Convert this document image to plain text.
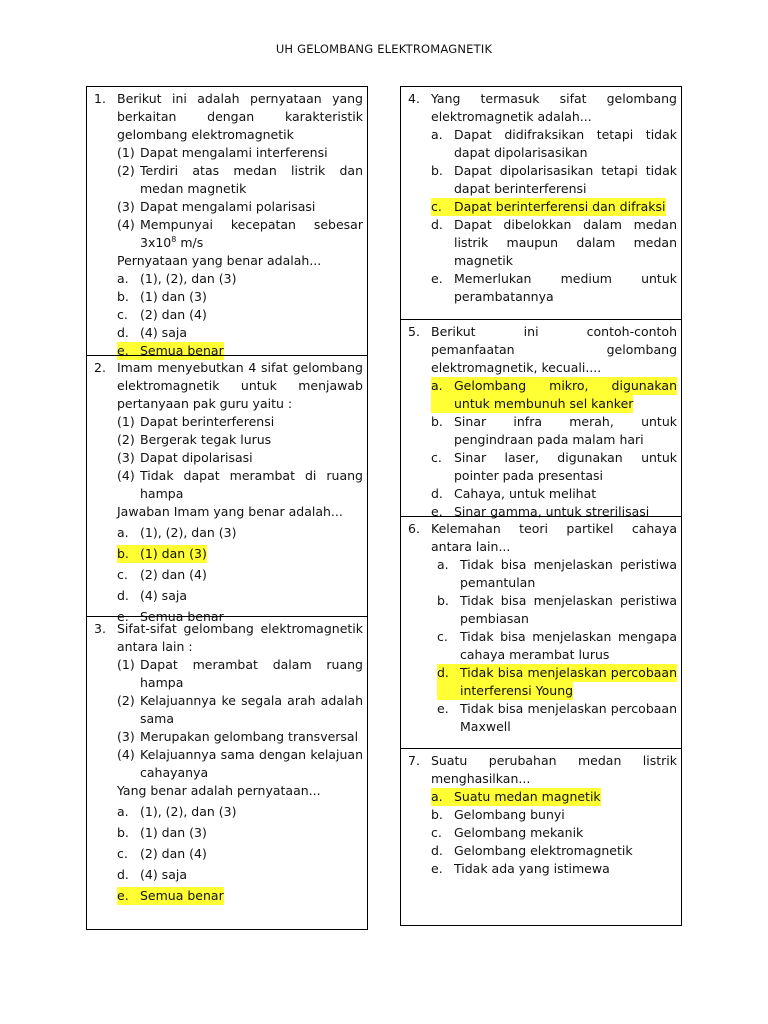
UH GELOMBANG ELEKTROMAGNETIK
1. Berikut ini adalah pernyataan yang
berkaitan dengan karakteristik
gelombang elektromagnetik
(1) Dapat mengalami interferensi
(2) Terdiri atas medan listrik dan
medan magnetik
(3) Dapat mengalami polarisasi
(4) Mempunyai kecepatan sebesar
$3x10^8$ m/s
Pernyataan yang benar adalah...
a. (1), (2), dan (3)
b. (1) dan (3)
c. (2) dan (4)
d. (4) saja
e. Semua benar
2. Imam menyebutkan 4 sifat gelombang
elektromagnetik untuk menjawab
pertanyaan pak guru yaitu :
(1) Dapat berinterferensi
(2) Bergerak tegak lurus
(3) Dapat dipolarisasi
(4) Tidak dapat merambat di ruang
hampa
Jawaban Imam yang benar adalah...
a. (1), (2), dan (3)
b. (1) dan (3)
c. (2) dan (4)
d. (4) saja
e. Semua benar
3. Sifat-sifat gelombang elektromagnetik
antara lain :
(1) Dapat merambat dalam ruang
hampa
(2) Kelajuannya ke segala arah adalah
sama
(3) Merupakan gelombang transversal
(4) Kelajuannya sama dengan kelajuan
cahayanya
Yang benar adalah pernyataan...
a. (1), (2), dan (3)
b. (1) dan (3)
c. (2) dan (4)
d. (4) saja
e. Semua benar
4. Yang termasuk sifat gelombang
elektromagnetik adalah...
a. Dapat didifraksikan tetapi tidak
dapat dipolarisasikan
b. Dapat dipolarisasikan tetapi tidak
dapat berinterferensi
c. Dapat berinterferensi dan difraksi
d. Dapat dibelokkan dalam medan
listrik maupun dalam medan
magnetik
e. Memerlukan medium untuk
perambatannya
5. Berikut ini contoh-contoh
pemanfaatan gelombang
elektromagnetik, kecuali....
a. Gelombang mikro, digunakan
untuk membunuh sel kanker
b. Sinar infra merah, untuk
pengindraan pada malam hari
c. Sinar laser, digunakan untuk
pointer pada presentasi
d. Cahaya, untuk melihat
e. Sinar gamma, untuk strerilisasi
6. Kelemahan teori partikel cahaya
antara lain...
a. Tidak bisa menjelaskan peristiwa
pemantulan
b. Tidak bisa menjelaskan peristiwa
pembiasan
c. Tidak bisa menjelaskan mengapa
cahaya merambat lurus
d. Tidak bisa menjelaskan percobaan
interferensi Young
e. Tidak bisa menjelaskan percobaan
Maxwell
7. Suatu perubahan medan listrik
menghasilkan...
a. Suatu medan magnetik
b. Gelombang bunyi
c. Gelombang mekanik
d. Gelombang elektromagnetik
e. Tidak ada yang istimewa
